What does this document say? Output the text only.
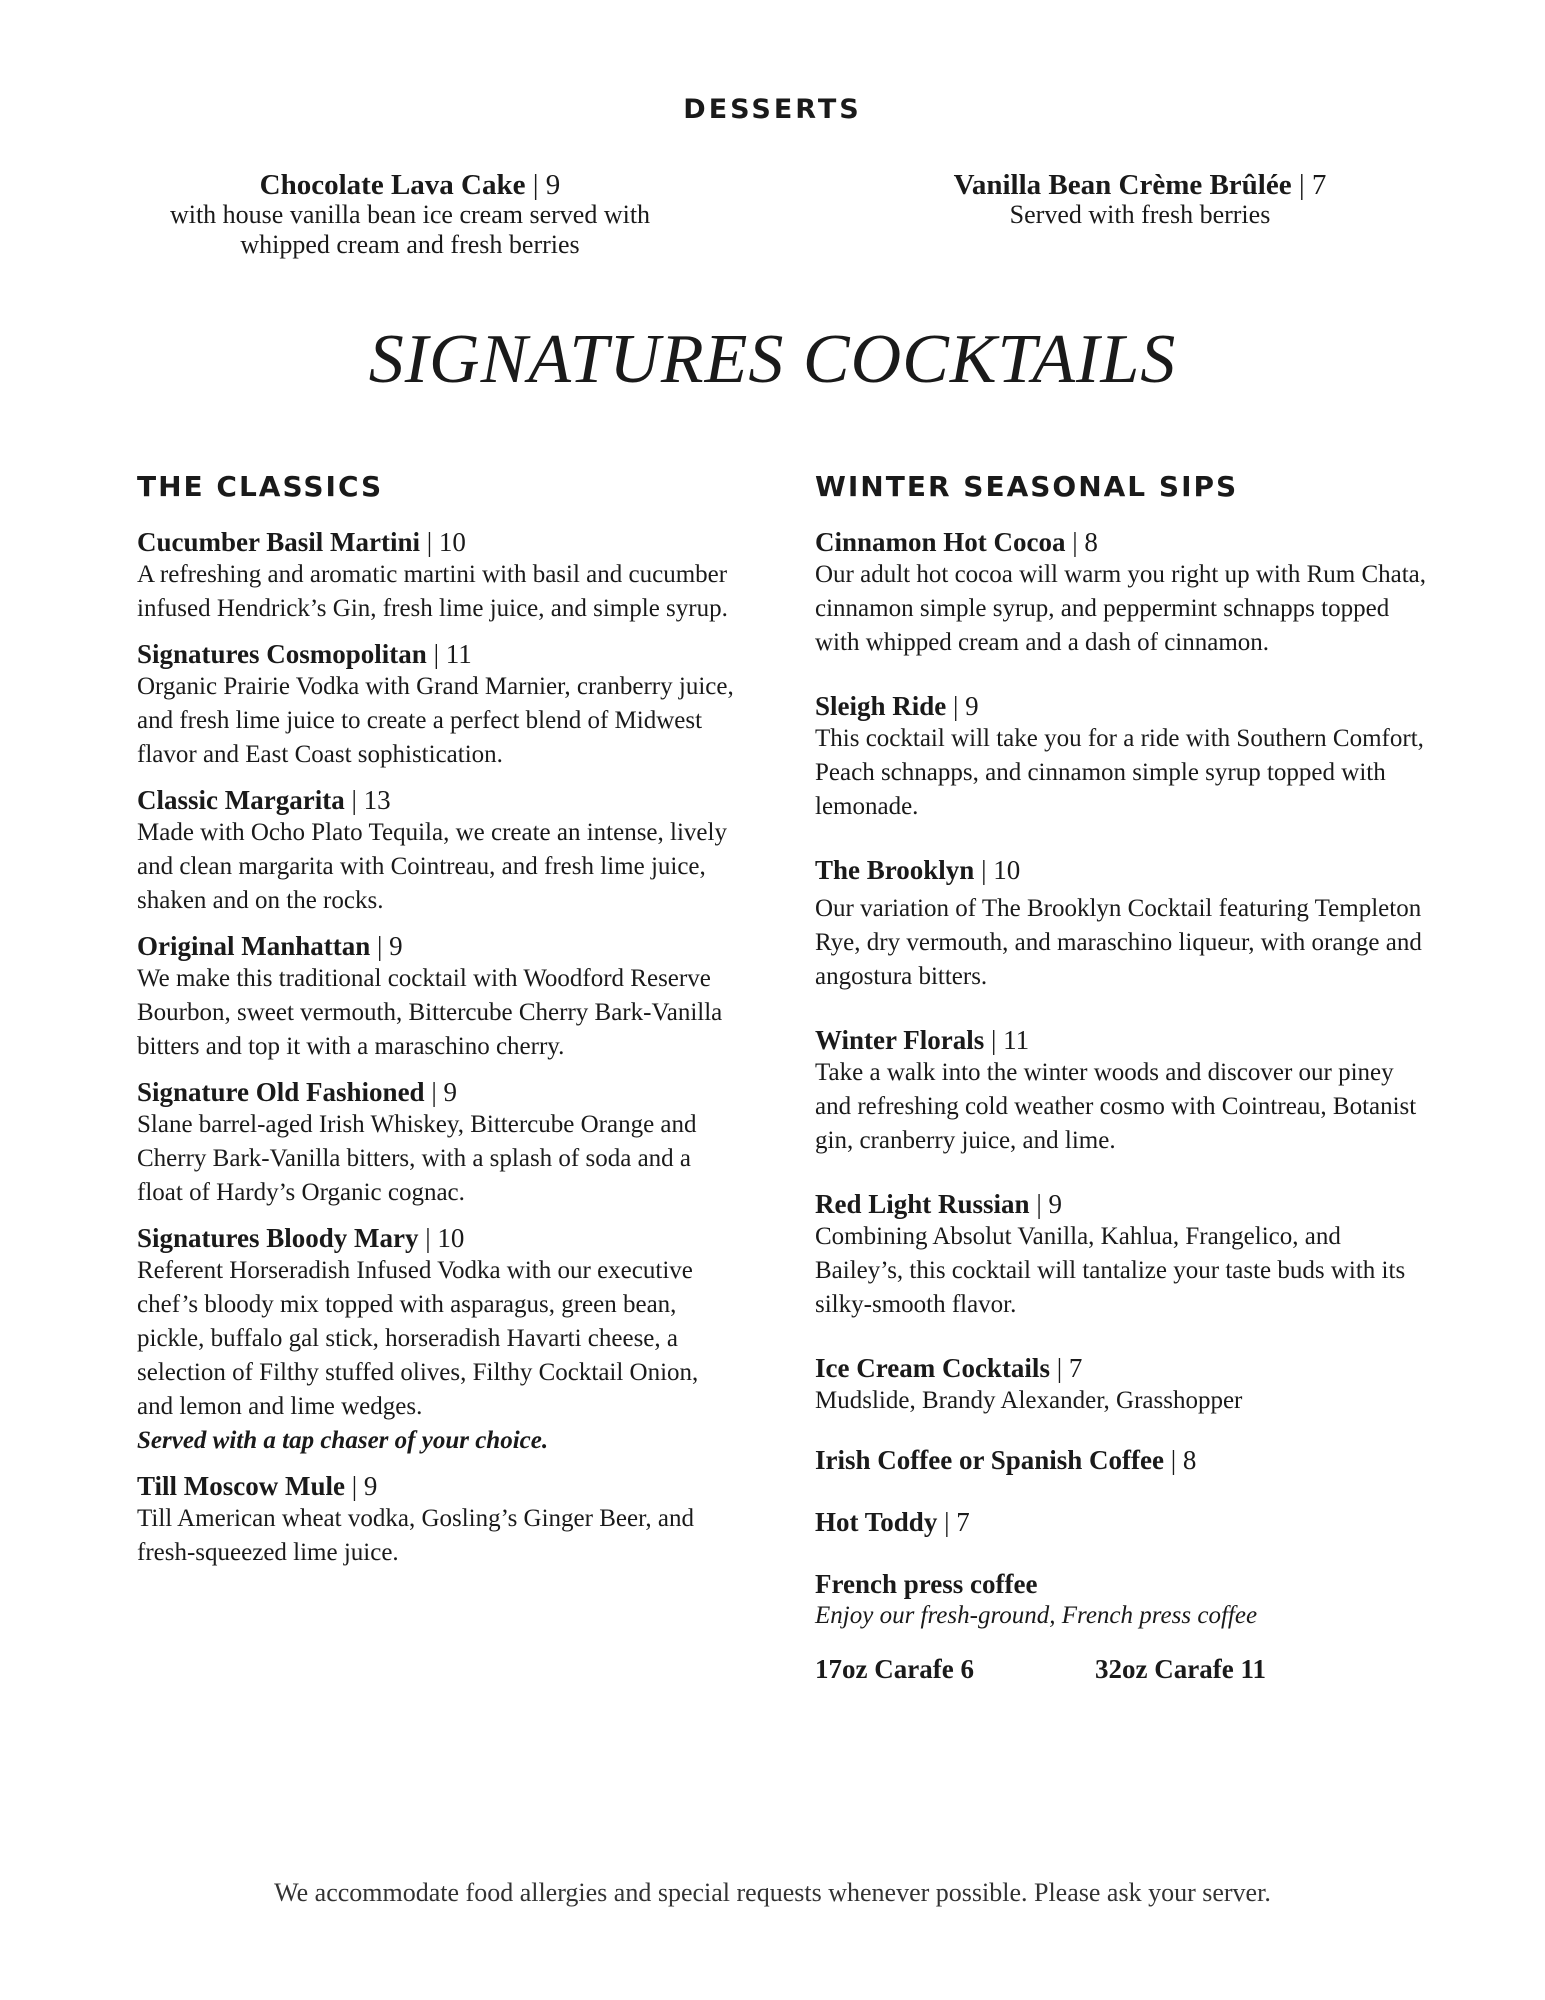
DESSERTS
Chocolate Lava Cake | 9
with house vanilla bean ice cream served with whipped cream and fresh berries
Vanilla Bean Crème Brûlée | 7
Served with fresh berries
SIGNATURES COCKTAILS
THE CLASSICS
Cucumber Basil Martini | 10
A refreshing and aromatic martini with basil and cucumber infused Hendrick’s Gin, fresh lime juice, and simple syrup.
Signatures Cosmopolitan | 11
Organic Prairie Vodka with Grand Marnier, cranberry juice, and fresh lime juice to create a perfect blend of Midwest flavor and East Coast sophistication.
Classic Margarita | 13
Made with Ocho Plato Tequila, we create an intense, lively and clean margarita with Cointreau, and fresh lime juice, shaken and on the rocks.
Original Manhattan | 9
We make this traditional cocktail with Woodford Reserve Bourbon, sweet vermouth, Bittercube Cherry Bark-Vanilla bitters and top it with a maraschino cherry.
Signature Old Fashioned | 9
Slane barrel-aged Irish Whiskey, Bittercube Orange and Cherry Bark-Vanilla bitters, with a splash of soda and a float of Hardy’s Organic cognac.
Signatures Bloody Mary | 10
Referent Horseradish Infused Vodka with our executive chef’s bloody mix topped with asparagus, green bean, pickle, buffalo gal stick, horseradish Havarti cheese, a selection of Filthy stuffed olives, Filthy Cocktail Onion, and lemon and lime wedges.
Served with a tap chaser of your choice.
Till Moscow Mule | 9
Till American wheat vodka, Gosling’s Ginger Beer, and fresh-squeezed lime juice.
WINTER SEASONAL SIPS
Cinnamon Hot Cocoa | 8
Our adult hot cocoa will warm you right up with Rum Chata, cinnamon simple syrup, and peppermint schnapps topped with whipped cream and a dash of cinnamon.
Sleigh Ride | 9
This cocktail will take you for a ride with Southern Comfort, Peach schnapps, and cinnamon simple syrup topped with lemonade.
The Brooklyn | 10
Our variation of The Brooklyn Cocktail featuring Templeton Rye, dry vermouth, and maraschino liqueur, with orange and angostura bitters.
Winter Florals | 11
Take a walk into the winter woods and discover our piney and refreshing cold weather cosmo with Cointreau, Botanist gin, cranberry juice, and lime.
Red Light Russian | 9
Combining Absolut Vanilla, Kahlua, Frangelico, and Bailey’s, this cocktail will tantalize your taste buds with its silky-smooth flavor.
Ice Cream Cocktails | 7
Mudslide, Brandy Alexander, Grasshopper
Irish Coffee or Spanish Coffee | 8
Hot Toddy | 7
French press coffee
Enjoy our fresh-ground, French press coffee
17oz Carafe 6	32oz Carafe 11
We accommodate food allergies and special requests whenever possible. Please ask your server.
